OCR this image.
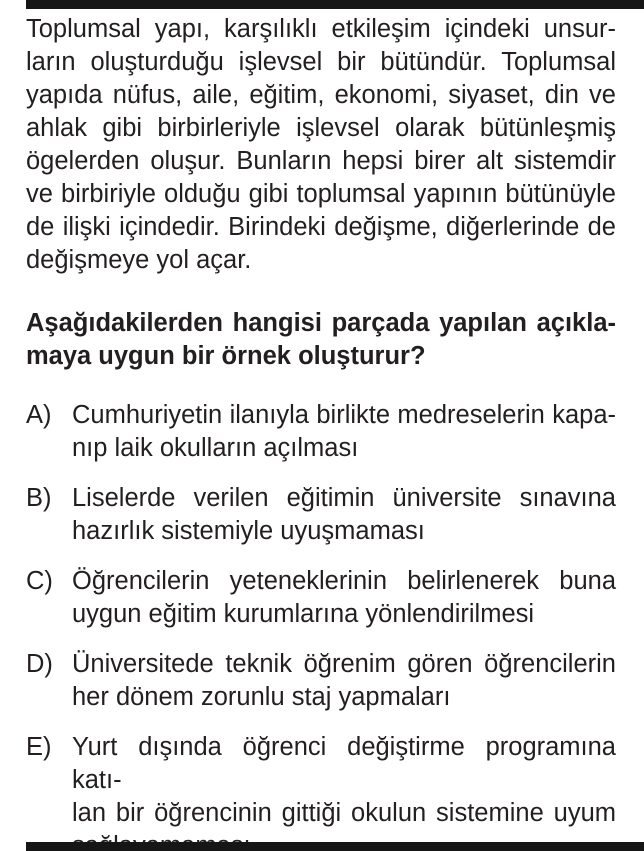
Toplumsal yapı, karşılıklı etkileşim içindeki unsur-
ların oluşturduğu işlevsel bir bütündür. Toplumsal
yapıda nüfus, aile, eğitim, ekonomi, siyaset, din ve
ahlak gibi birbirleriyle işlevsel olarak bütünleşmiş
ögelerden oluşur. Bunların hepsi birer alt sistemdir
ve birbiriyle olduğu gibi toplumsal yapının bütünüyle
de ilişki içindedir. Birindeki değişme, diğerlerinde de
değişmeye yol açar.

Aşağıdakilerden hangisi parçada yapılan açıkla-
maya uygun bir örnek oluşturur?
A) Cumhuriyetin ilanıyla birlikte medreselerin kapa-
nıp laik okulların açılması
B) Liselerde verilen eğitimin üniversite sınavına
hazırlık sistemiyle uyuşmaması
C) Öğrencilerin yeteneklerinin belirlenerek buna
uygun eğitim kurumlarına yönlendirilmesi
D) Üniversitede teknik öğrenim gören öğrencilerin
her dönem zorunlu staj yapmaları
E) Yurt dışında öğrenci değiştirme programına katı-
lan bir öğrencinin gittiği okulun sistemine uyum
